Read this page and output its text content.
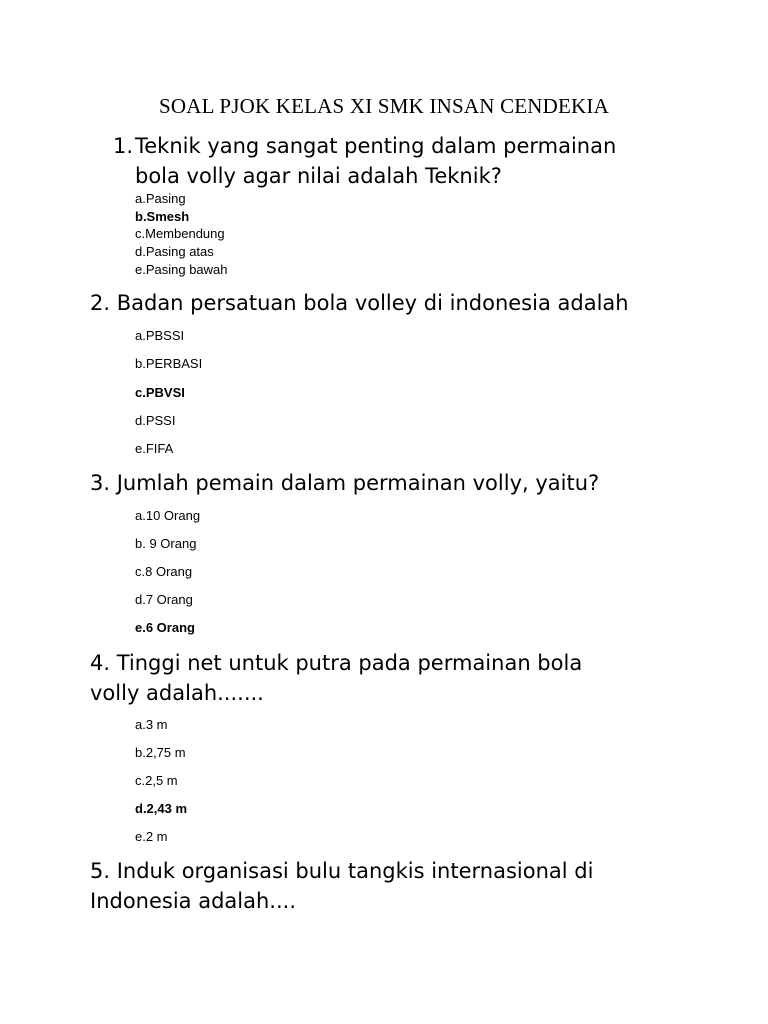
SOAL PJOK KELAS XI SMK INSAN CENDEKIA
1. Teknik yang sangat penting dalam permainan
bola volly agar nilai adalah Teknik?
a.Pasing
b.Smesh
c.Membendung
d.Pasing atas
e.Pasing bawah
2. Badan persatuan bola volley di indonesia adalah
a.PBSSI
b.PERBASI
c.PBVSI
d.PSSI
e.FIFA
3. Jumlah pemain dalam permainan volly, yaitu?
a.10 Orang
b. 9 Orang
c.8 Orang
d.7 Orang
e.6 Orang
4. Tinggi net untuk putra pada permainan bola
volly adalah.......
a.3 m
b.2,75 m
c.2,5 m
d.2,43 m
e.2 m
5. Induk organisasi bulu tangkis internasional di
Indonesia adalah....
